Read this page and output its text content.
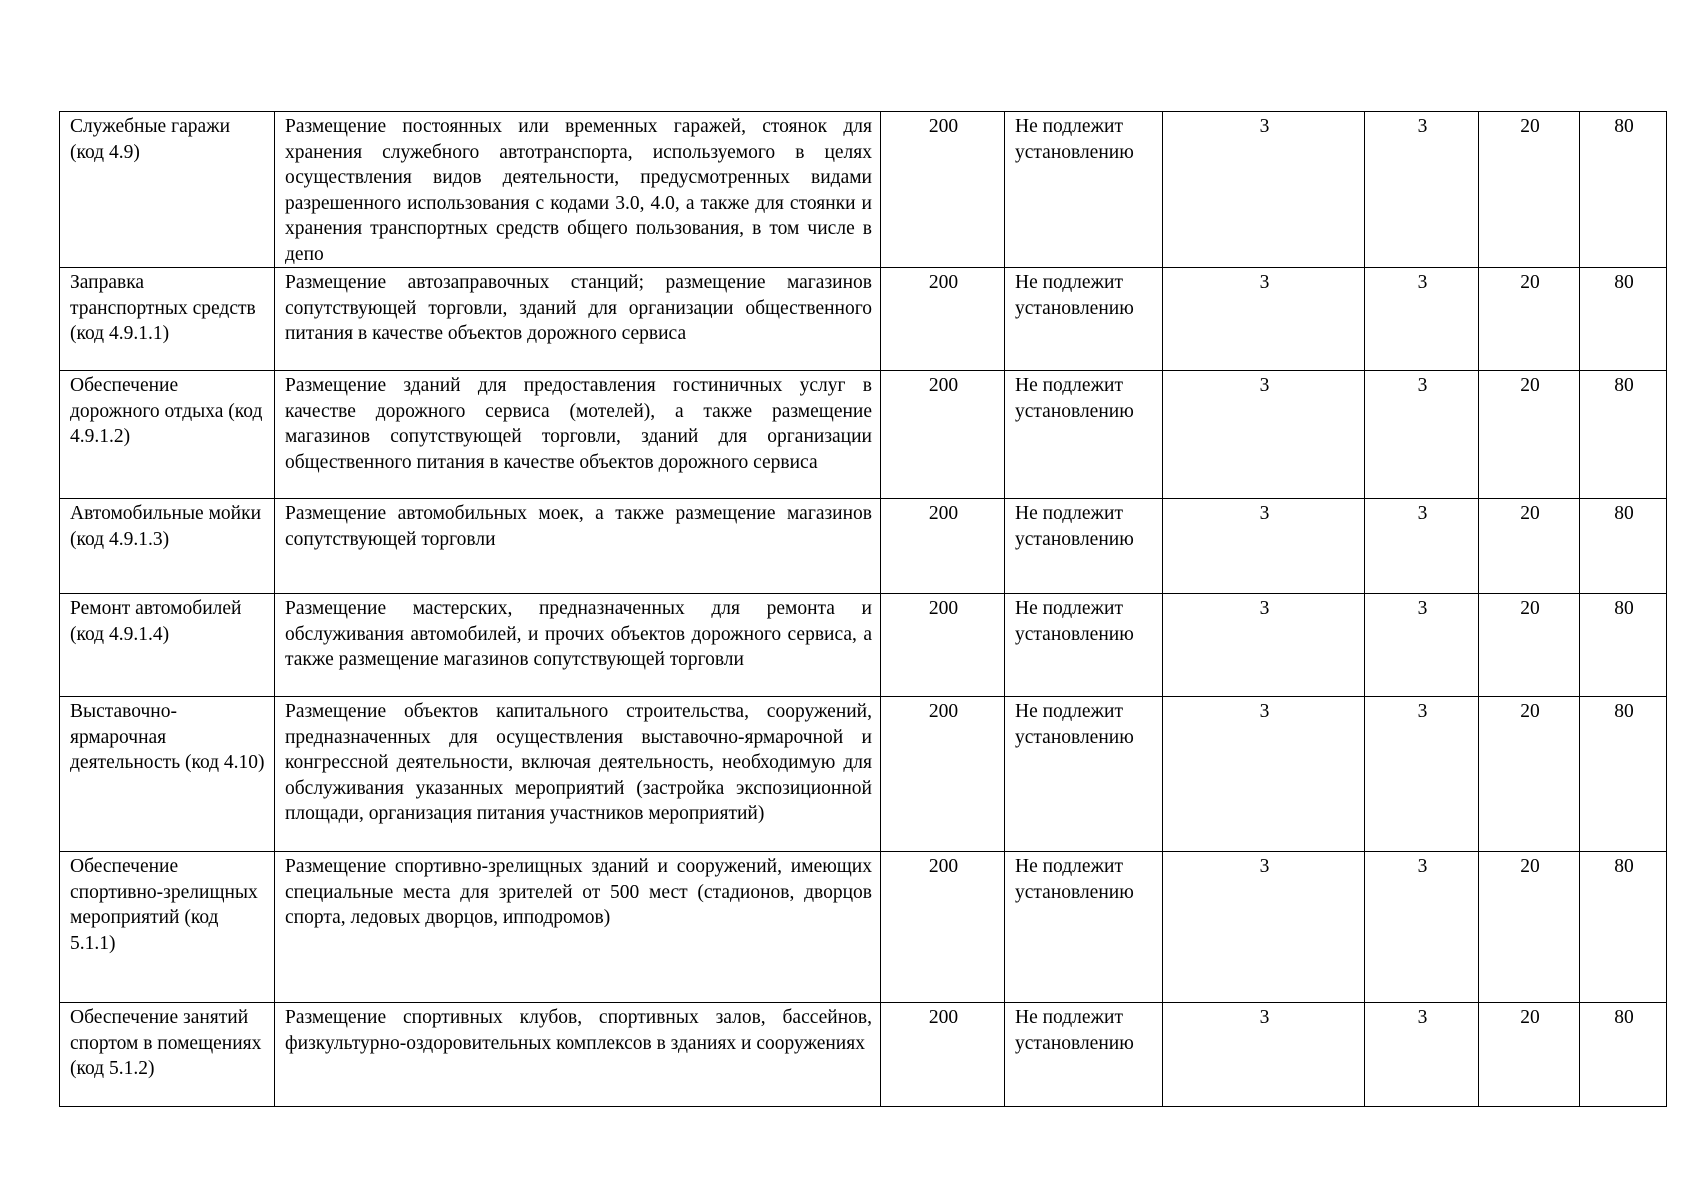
Служебные гаражи (код 4.9)	Размещение постоянных или временных гаражей, стоянок для хранения служебного автотранспорта, используемого в целях осуществления видов деятельности, предусмотренных видами разрешенного использования с кодами 3.0, 4.0, а также для стоянки и хранения транспортных средств общего пользования, в том числе в депо	200	Не подлежит установлению	3	3	20	80
Заправка транспортных средств (код 4.9.1.1)	Размещение автозаправочных станций; размещение магазинов сопутствующей торговли, зданий для организации общественного питания в качестве объектов дорожного сервиса	200	Не подлежит установлению	3	3	20	80
Обеспечение дорожного отдыха (код 4.9.1.2)	Размещение зданий для предоставления гостиничных услуг в качестве дорожного сервиса (мотелей), а также размещение магазинов сопутствующей торговли, зданий для организации общественного питания в качестве объектов дорожного сервиса	200	Не подлежит установлению	3	3	20	80
Автомобильные мойки (код 4.9.1.3)	Размещение автомобильных моек, а также размещение магазинов сопутствующей торговли	200	Не подлежит установлению	3	3	20	80
Ремонт автомобилей (код 4.9.1.4)	Размещение мастерских, предназначенных для ремонта и обслуживания автомобилей, и прочих объектов дорожного сервиса, а также размещение магазинов сопутствующей торговли	200	Не подлежит установлению	3	3	20	80
Выставочно-ярмарочная деятельность (код 4.10)	Размещение объектов капитального строительства, сооружений, предназначенных для осуществления выставочно-ярмарочной и конгрессной деятельности, включая деятельность, необходимую для обслуживания указанных мероприятий (застройка экспозиционной площади, организация питания участников мероприятий)	200	Не подлежит установлению	3	3	20	80
Обеспечение спортивно-зрелищных мероприятий (код 5.1.1)	Размещение спортивно-зрелищных зданий и сооружений, имеющих специальные места для зрителей от 500 мест (стадионов, дворцов спорта, ледовых дворцов, ипподромов)	200	Не подлежит установлению	3	3	20	80
Обеспечение занятий спортом в помещениях (код 5.1.2)	Размещение спортивных клубов, спортивных залов, бассейнов, физкультурно-оздоровительных комплексов в зданиях и сооружениях	200	Не подлежит установлению	3	3	20	80
